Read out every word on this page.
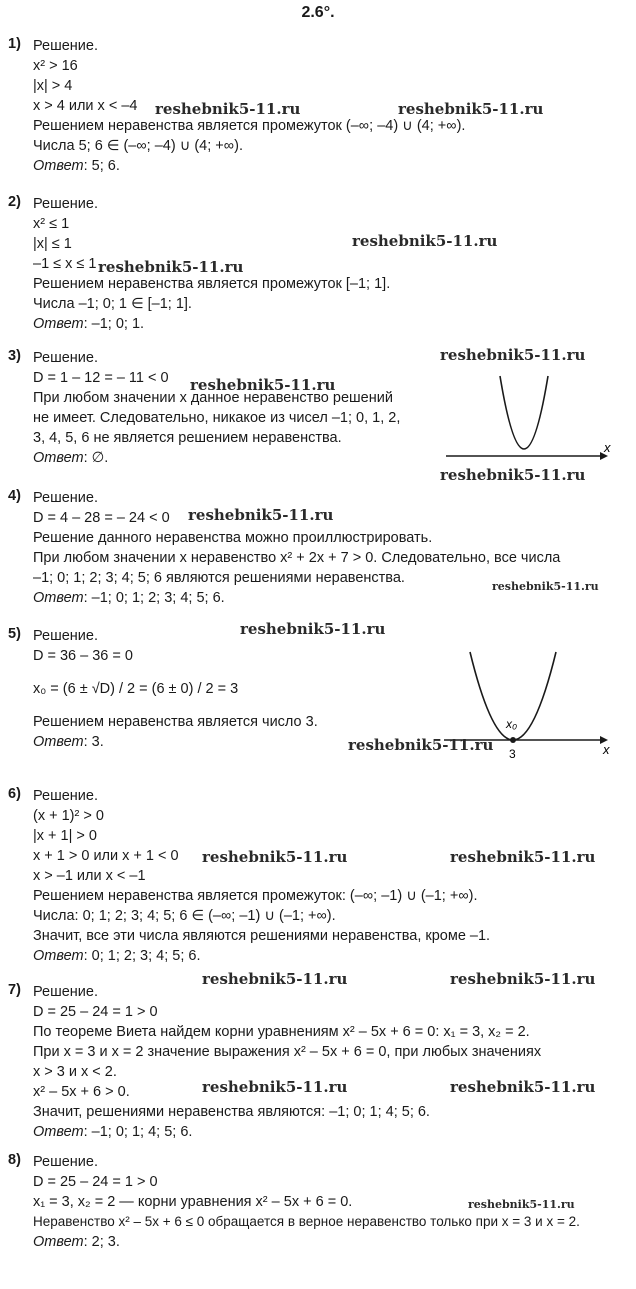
2.6°.
1) Решение.
x² > 16
|x| > 4
x > 4 или x < –4
Решением неравенства является промежуток (–∞; –4) ∪ (4; +∞).
Числа 5; 6 ∈ (–∞; –4) ∪ (4; +∞).
Ответ: 5; 6.
2) Решение.
x² ≤ 1
|x| ≤ 1
–1 ≤ x ≤ 1
Решением неравенства является промежуток [–1; 1].
Числа –1; 0; 1 ∈ [–1; 1].
Ответ: –1; 0; 1.
3) Решение.
D = 1 – 12 = – 11 < 0
При любом значении x данное неравенство решений
не имеет. Следовательно, никакое из чисел –1; 0, 1, 2,
3, 4, 5, 6 не является решением неравенства.
Ответ: ∅.
x
4) Решение.
D = 4 – 28 = – 24 < 0
Решение данного неравенства можно проиллюстрировать.
При любом значении x неравенство x² + 2x + 7 > 0. Следовательно, все числа
–1; 0; 1; 2; 3; 4; 5; 6 являются решениями неравенства.
Ответ: –1; 0; 1; 2; 3; 4; 5; 6.
5) Решение.
D = 36 – 36 = 0
x₀ = (6 ± √D) / 2 = (6 ± 0) / 2 = 3
Решением неравенства является число 3.
Ответ: 3.
x₀
3	x
6) Решение.
(x + 1)² > 0
|x + 1| > 0
x + 1 > 0 или x + 1 < 0
x > –1 или x < –1
Решением неравенства является промежуток: (–∞; –1) ∪ (–1; +∞).
Числа: 0; 1; 2; 3; 4; 5; 6 ∈ (–∞; –1) ∪ (–1; +∞).
Значит, все эти числа являются решениями неравенства, кроме –1.
Ответ: 0; 1; 2; 3; 4; 5; 6.
7) Решение.
D = 25 – 24 = 1 > 0
По теореме Виета найдем корни уравнениям x² – 5x + 6 = 0: x₁ = 3, x₂ = 2.
При x = 3 и x = 2 значение выражения x² – 5x + 6 = 0, при любых значениях
x > 3 и x < 2.
x² – 5x + 6 > 0.
Значит, решениями неравенства являются: –1; 0; 1; 4; 5; 6.
Ответ: –1; 0; 1; 4; 5; 6.
8) Решение.
D = 25 – 24 = 1 > 0
x₁ = 3, x₂ = 2 — корни уравнения x² – 5x + 6 = 0.
Неравенство x² – 5x + 6 ≤ 0 обращается в верное неравенство только при x = 3 и x = 2.
Ответ: 2; 3.
reshebnik5-11.ru	reshebnik5-11.ru
reshebnik5-11.ru
reshebnik5-11.ru
reshebnik5-11.ru
reshebnik5-11.ru
reshebnik5-11.ru
reshebnik5-11.ru
reshebnik5-11.ru
reshebnik5-11.ru
reshebnik5-11.ru
reshebnik5-11.ru	reshebnik5-11.ru
reshebnik5-11.ru	reshebnik5-11.ru
reshebnik5-11.ru	reshebnik5-11.ru
reshebnik5-11.ru
